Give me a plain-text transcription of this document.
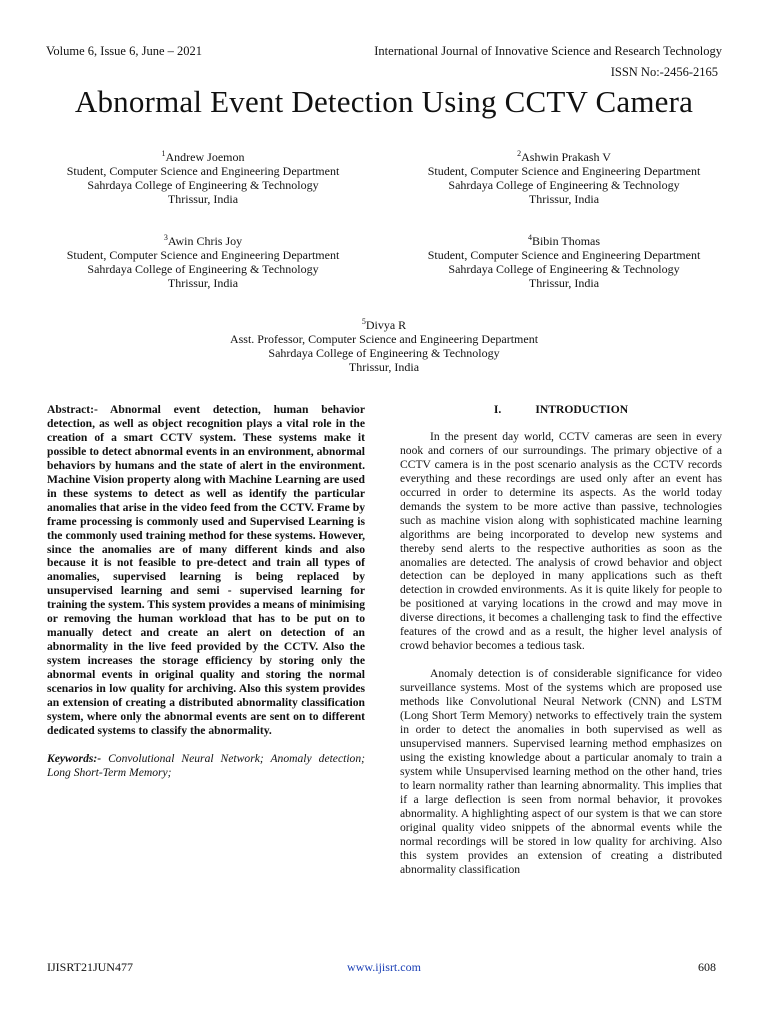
Volume 6, Issue 6, June – 2021	International Journal of Innovative Science and Research Technology
ISSN No:-2456-2165
Abnormal Event Detection Using CCTV Camera
$^1$Andrew Joemon
Student, Computer Science and Engineering Department
Sahrdaya College of Engineering & Technology
Thrissur, India
$^2$Ashwin Prakash V
Student, Computer Science and Engineering Department
Sahrdaya College of Engineering & Technology
Thrissur, India
$^3$Awin Chris Joy
Student, Computer Science and Engineering Department
Sahrdaya College of Engineering & Technology
Thrissur, India
$^4$Bibin Thomas
Student, Computer Science and Engineering Department
Sahrdaya College of Engineering & Technology
Thrissur, India
$^5$Divya R
Asst. Professor, Computer Science and Engineering Department
Sahrdaya College of Engineering & Technology
Thrissur, India

Abstract:- Abnormal event detection, human behavior detection, as well as object recognition plays a vital role in the creation of a smart CCTV system. These systems make it possible to detect abnormal events in an environment, abnormal behaviors by humans and the state of alert in the environment. Machine Vision property along with Machine Learning are used in these systems to detect as well as identify the particular anomalies that arise in the video feed from the CCTV. Frame by frame processing is commonly used and Supervised Learning is the commonly used training method for these systems. However, since the anomalies are of many different kinds and also because it is not feasible to pre-detect and train all types of anomalies, supervised learning is being replaced by unsupervised learning and semi - supervised learning for training the system. This system provides a means of minimising or removing the human workload that has to be put on to manually detect and create an alert on detection of an abnormality in the live feed provided by the CCTV. Also the system increases the storage efficiency by storing only the abnormal events in original quality and storing the normal scenarios in low quality for archiving. Also this system provides an extension of creating a distributed abnormality classification system, where only the abnormal events are sent on to different dedicated systems to classify the abnormality.

Keywords:- Convolutional Neural Network; Anomaly detection; Long Short-Term Memory;

I.	INTRODUCTION

In the present day world, CCTV cameras are seen in every nook and corners of our surroundings. The primary objective of a CCTV camera is in the post scenario analysis as the CCTV records everything and these recordings are used only after an event has occurred in order to determine its aspects. As the world today demands the system to be more active than passive, technologies such as machine vision along with sophisticated machine learning algorithms are being incorporated to develop new systems and thereby send alerts to the respective authorities as soon as the anomalies are detected. The analysis of crowd behavior and object detection can be deployed in many applications such as theft detection in crowded environments. As it is quite likely for people to be positioned at varying locations in the crowd and may move in diverse directions, it becomes a challenging task to find the effective features of the crowd and as a result, the higher level analysis of crowd behavior becomes a tedious task.

Anomaly detection is of considerable significance for video surveillance systems. Most of the systems which are proposed use methods like Convolutional Neural Network (CNN) and LSTM (Long Short Term Memory) networks to effectively train the system in order to detect the anomalies in both supervised as well as unsupervised manners. Supervised learning method emphasizes on using the existing knowledge about a particular anomaly to train a system while Unsupervised learning method on the other hand, tries to learn normality rather than learning abnormality. This implies that if a large deflection is seen from normal behavior, it provokes abnormality. A highlighting aspect of our system is that we can store original quality video snippets of the abnormal events while the normal recordings will be stored in low quality for archiving. Also this system provides an extension of creating a distributed abnormality classification

IJISRT21JUN477	www.ijisrt.com	608
